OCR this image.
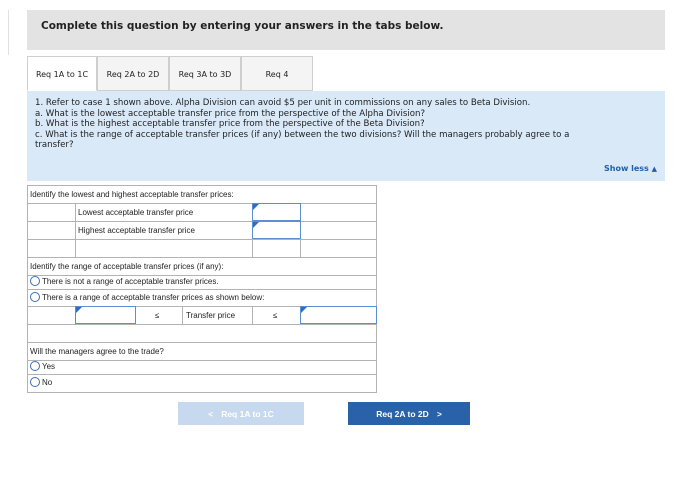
Complete this question by entering your answers in the tabs below.
Req 1A to 1C	Req 2A to 2D	Req 3A to 3D	Req 4
1. Refer to case 1 shown above. Alpha Division can avoid $5 per unit in commissions on any sales to Beta Division.
a. What is the lowest acceptable transfer price from the perspective of the Alpha Division?
b. What is the highest acceptable transfer price from the perspective of the Beta Division?
c. What is the range of acceptable transfer prices (if any) between the two divisions? Will the managers probably agree to a
transfer?
Show less ▲
Identify the lowest and highest acceptable transfer prices:
Lowest acceptable transfer price
Highest acceptable transfer price
Identify the range of acceptable transfer prices (if any):
There is not a range of acceptable transfer prices.
There is a range of acceptable transfer prices as shown below:
≤	Transfer price	≤
Will the managers agree to the trade?
Yes
No
< Req 1A to 1C	Req 2A to 2D >
